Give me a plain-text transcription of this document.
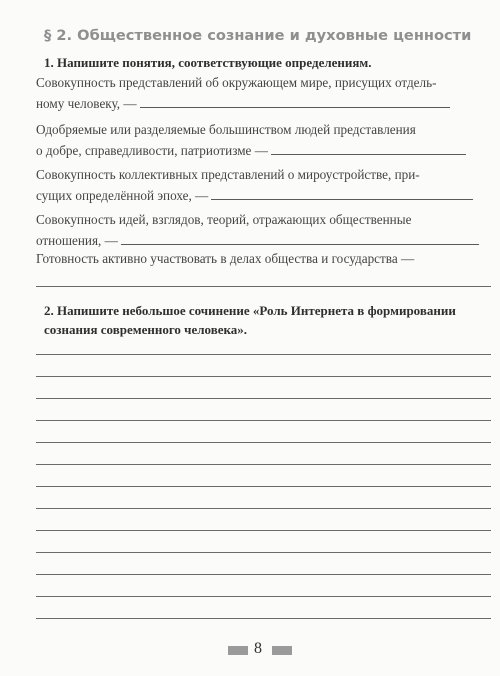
§ 2. Общественное сознание и духовные ценности
1. Напишите понятия, соответствующие определениям.
Совокупность представлений об окружающем мире, присущих отдель-
ному человеку, —
Одобряемые или разделяемые большинством людей представления
о добре, справедливости, патриотизме —
Совокупность коллективных представлений о мироустройстве, при-
сущих определённой эпохе, —
Совокупность идей, взглядов, теорий, отражающих общественные
отношения, —
Готовность активно участвовать в делах общества и государства —
2. Напишите небольшое сочинение «Роль Интернета в формировании сознания современного человека».
8
